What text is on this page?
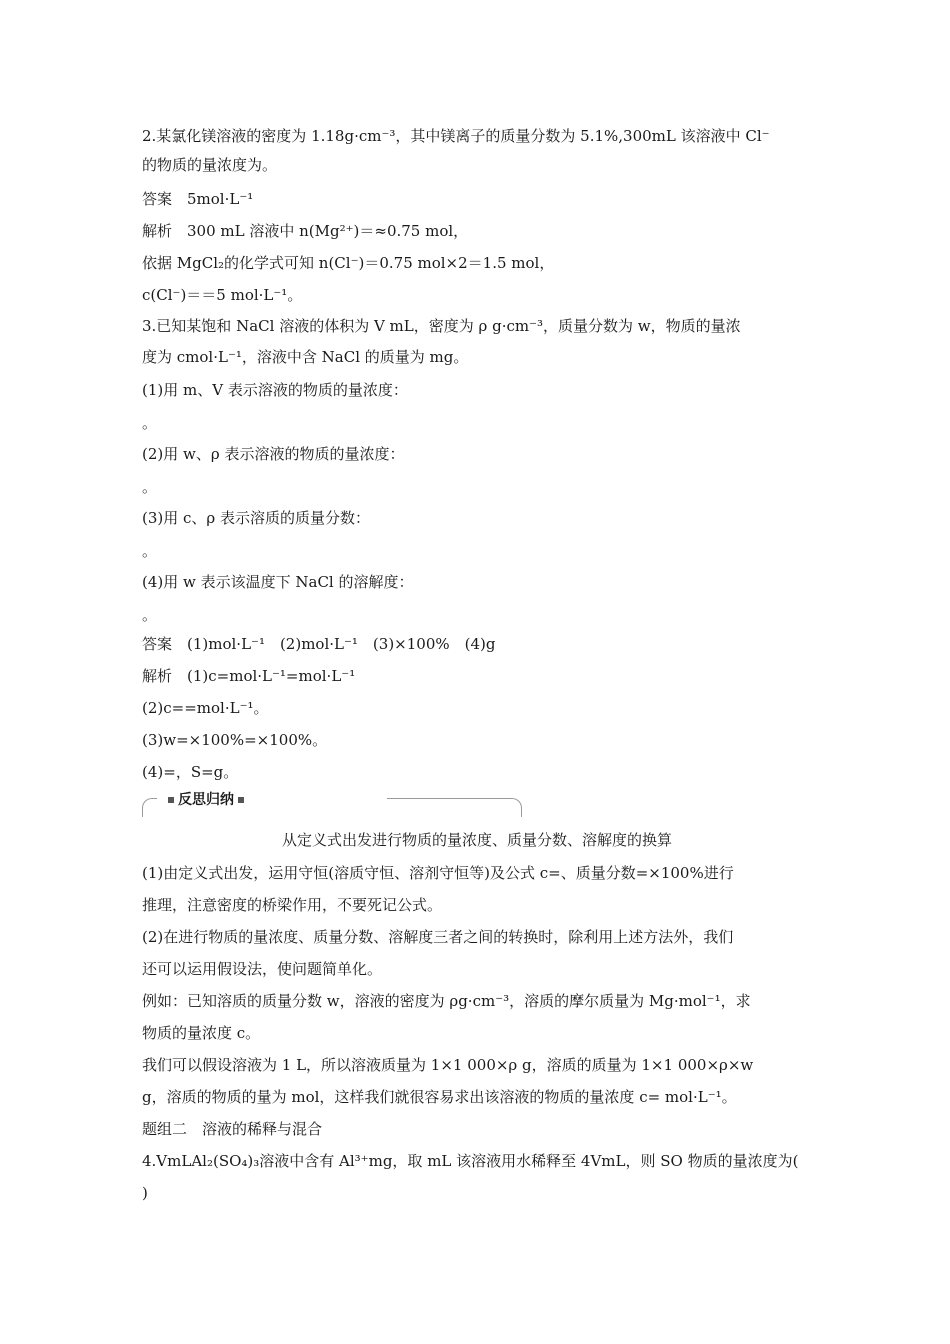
2.某氯化镁溶液的密度为 1.18g·cm⁻³，其中镁离子的质量分数为 5.1%,300mL 该溶液中 Cl⁻
的物质的量浓度为。
答案　5mol·L⁻¹
解析　300 mL 溶液中 n(Mg²⁺)＝≈0.75 mol，
依据 MgCl₂的化学式可知 n(Cl⁻)＝0.75 mol×2＝1.5 mol，
c(Cl⁻)＝＝5 mol·L⁻¹。
3.已知某饱和 NaCl 溶液的体积为 V mL，密度为 ρ g·cm⁻³，质量分数为 w，物质的量浓
度为 cmol·L⁻¹，溶液中含 NaCl 的质量为 mg。
(1)用 m、V 表示溶液的物质的量浓度：
。
(2)用 w、ρ 表示溶液的物质的量浓度：
。
(3)用 c、ρ 表示溶质的质量分数：
。
(4)用 w 表示该温度下 NaCl 的溶解度：
。
答案　(1)mol·L⁻¹　(2)mol·L⁻¹　(3)×100%　(4)g
解析　(1)c=mol·L⁻¹=mol·L⁻¹
(2)c==mol·L⁻¹。
(3)w=×100%=×100%。
(4)=，S=g。
反思归纳
从定义式出发进行物质的量浓度、质量分数、溶解度的换算
(1)由定义式出发，运用守恒(溶质守恒、溶剂守恒等)及公式 c=、质量分数=×100%进行
推理，注意密度的桥梁作用，不要死记公式。
(2)在进行物质的量浓度、质量分数、溶解度三者之间的转换时，除利用上述方法外，我们
还可以运用假设法，使问题简单化。
例如：已知溶质的质量分数 w，溶液的密度为 ρg·cm⁻³，溶质的摩尔质量为 Mg·mol⁻¹，求
物质的量浓度 c。
我们可以假设溶液为 1 L，所以溶液质量为 1×1 000×ρ g，溶质的质量为 1×1 000×ρ×w
g，溶质的物质的量为 mol，这样我们就很容易求出该溶液的物质的量浓度 c= mol·L⁻¹。
题组二　溶液的稀释与混合
4.VmLAl₂(SO₄)₃溶液中含有 Al³⁺mg，取 mL 该溶液用水稀释至 4VmL，则 SO 物质的量浓度为(
)
